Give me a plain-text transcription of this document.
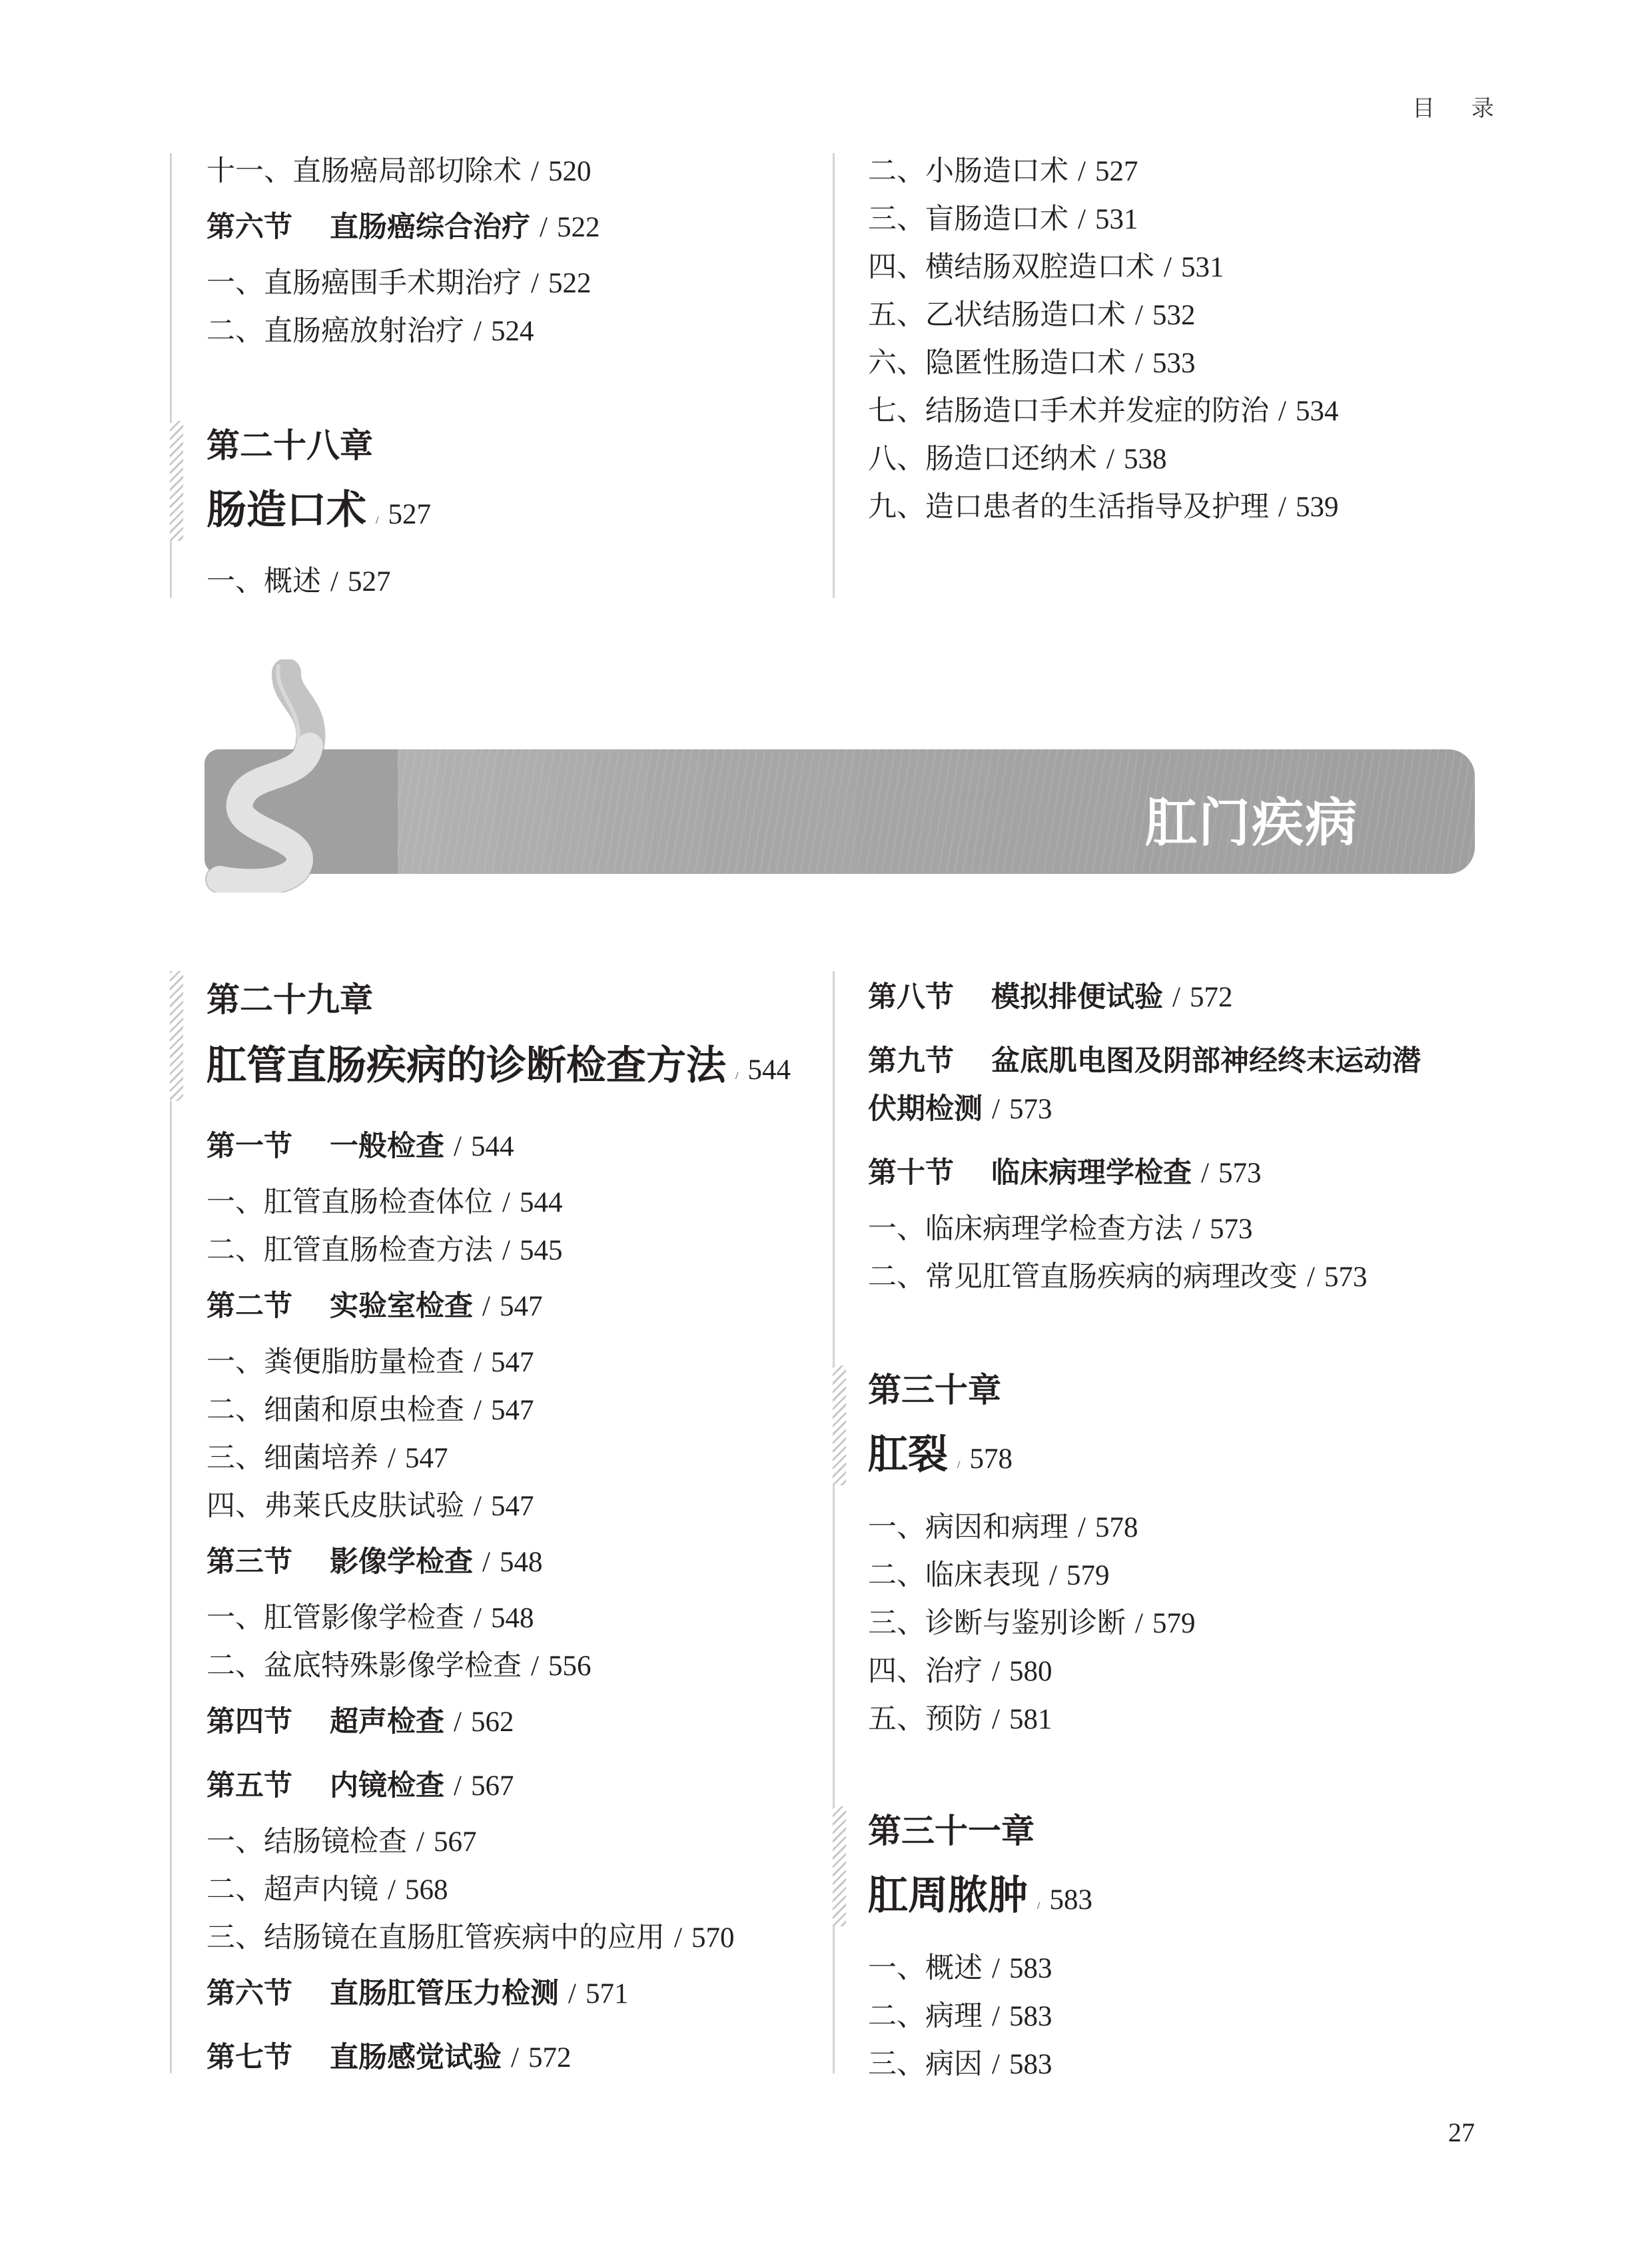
目 录
27
肛门疾病
十一、直肠癌局部切除术 / 520
第六节 直肠癌综合治疗 / 522
一、直肠癌围手术期治疗 / 522
二、直肠癌放射治疗 / 524
第二十八章
肠造口术 / 527
一、概述 / 527
二、小肠造口术 / 527
三、盲肠造口术 / 531
四、横结肠双腔造口术 / 531
五、乙状结肠造口术 / 532
六、隐匿性肠造口术 / 533
七、结肠造口手术并发症的防治 / 534
八、肠造口还纳术 / 538
九、造口患者的生活指导及护理 / 539
第二十九章
肛管直肠疾病的诊断检查方法 / 544
第一节 一般检查 / 544
一、肛管直肠检查体位 / 544
二、肛管直肠检查方法 / 545
第二节 实验室检查 / 547
一、粪便脂肪量检查 / 547
二、细菌和原虫检查 / 547
三、细菌培养 / 547
四、弗莱氏皮肤试验 / 547
第三节 影像学检查 / 548
一、肛管影像学检查 / 548
二、盆底特殊影像学检查 / 556
第四节 超声检查 / 562
第五节 内镜检查 / 567
一、结肠镜检查 / 567
二、超声内镜 / 568
三、结肠镜在直肠肛管疾病中的应用 / 570
第六节 直肠肛管压力检测 / 571
第七节 直肠感觉试验 / 572
第八节 模拟排便试验 / 572
第九节 盆底肌电图及阴部神经终末运动潜
伏期检测 / 573
第十节 临床病理学检查 / 573
一、临床病理学检查方法 / 573
二、常见肛管直肠疾病的病理改变 / 573
第三十章
肛裂 / 578
一、病因和病理 / 578
二、临床表现 / 579
三、诊断与鉴别诊断 / 579
四、治疗 / 580
五、预防 / 581
第三十一章
肛周脓肿 / 583
一、概述 / 583
二、病理 / 583
三、病因 / 583
